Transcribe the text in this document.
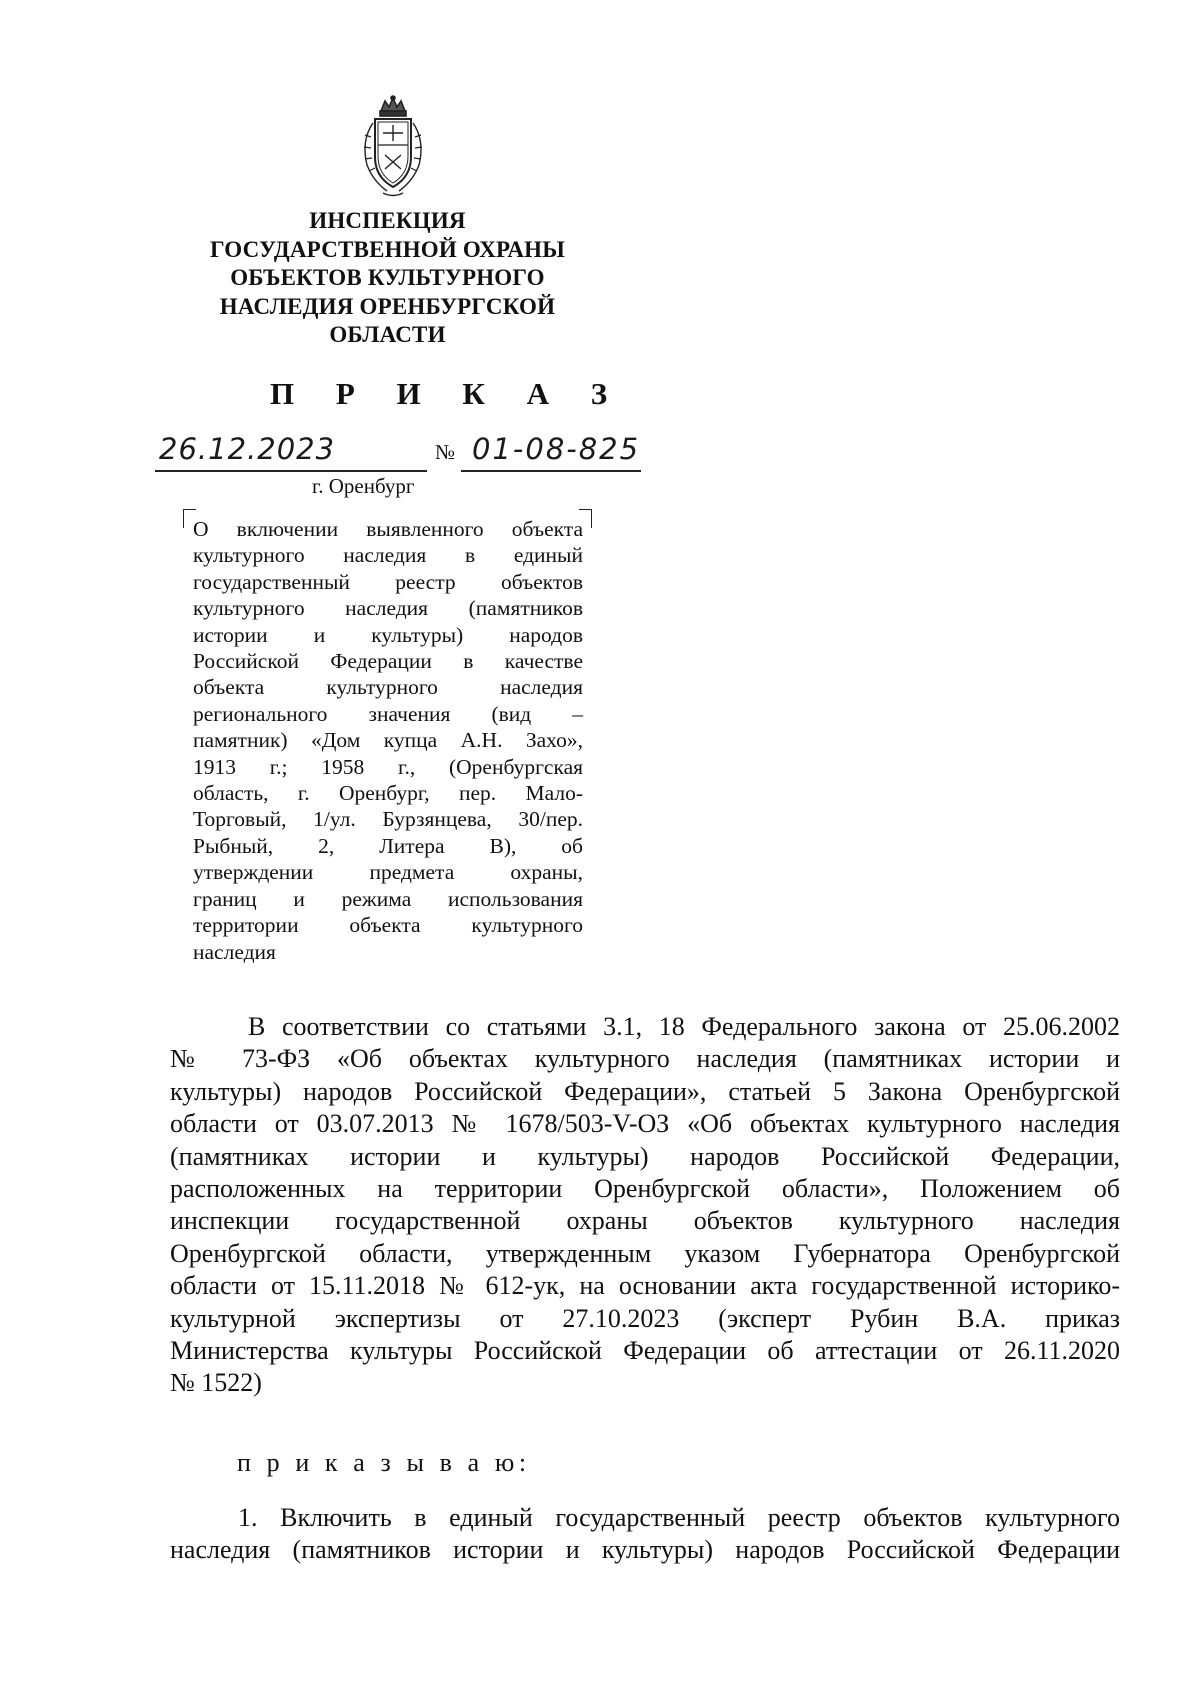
ИНСПЕКЦИЯ
ГОСУДАРСТВЕННОЙ ОХРАНЫ
ОБЪЕКТОВ КУЛЬТУРНОГО
НАСЛЕДИЯ ОРЕНБУРГСКОЙ
ОБЛАСТИ
П Р И К А З
26.12.2023	№ 01-08-825
г. Оренбург
О включении выявленного объекта
культурного наследия в единый
государственный реестр объектов
культурного наследия (памятников
истории и культуры) народов
Российской Федерации в качестве
объекта культурного наследия
регионального значения (вид –
памятник) «Дом купца А.Н. Захо»,
1913 г.; 1958 г., (Оренбургская
область, г. Оренбург, пер. Мало-
Торговый, 1/ул. Бурзянцева, 30/пер.
Рыбный, 2, Литера В), об
утверждении предмета охраны,
границ и режима использования
территории объекта культурного
наследия
В соответствии со статьями 3.1, 18 Федерального закона от 25.06.2002
№ 73-ФЗ «Об объектах культурного наследия (памятниках истории и
культуры) народов Российской Федерации», статьей 5 Закона Оренбургской
области от 03.07.2013 № 1678/503-V-ОЗ «Об объектах культурного наследия
(памятниках истории и культуры) народов Российской Федерации,
расположенных на территории Оренбургской области», Положением об
инспекции государственной охраны объектов культурного наследия
Оренбургской области, утвержденным указом Губернатора Оренбургской
области от 15.11.2018 № 612-ук, на основании акта государственной историко-
культурной экспертизы от 27.10.2023 (эксперт Рубин В.А. приказ
Министерства культуры Российской Федерации об аттестации от 26.11.2020
№ 1522)
п р и к а з ы в а ю:
1. Включить в единый государственный реестр объектов культурного
наследия (памятников истории и культуры) народов Российской Федерации
